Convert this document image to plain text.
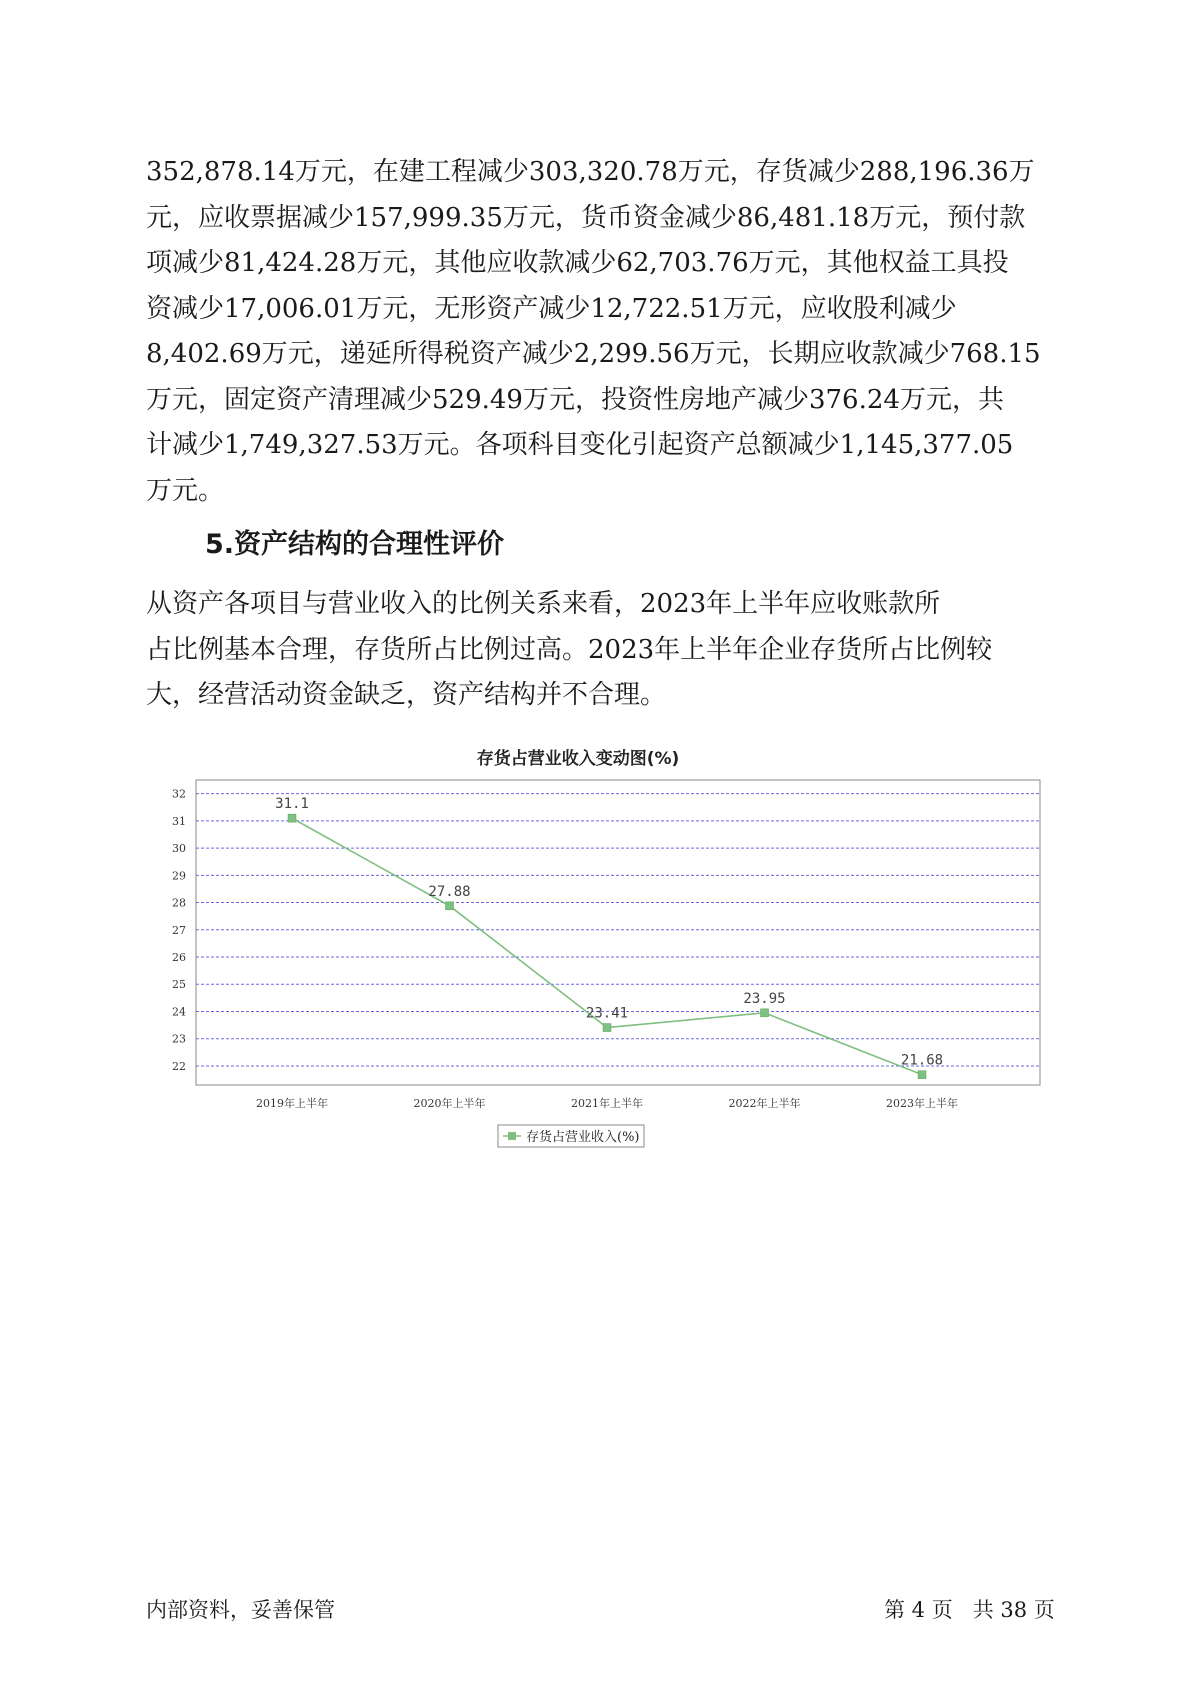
352,878.14万元，在建工程减少303,320.78万元，存货减少288,196.36万
元，应收票据减少157,999.35万元，货币资金减少86,481.18万元，预付款
项减少81,424.28万元，其他应收款减少62,703.76万元，其他权益工具投
资减少17,006.01万元，无形资产减少12,722.51万元，应收股利减少
8,402.69万元，递延所得税资产减少2,299.56万元，长期应收款减少768.15
万元，固定资产清理减少529.49万元，投资性房地产减少376.24万元，共
计减少1,749,327.53万元。各项科目变化引起资产总额减少1,145,377.05
万元。
5.资产结构的合理性评价
从资产各项目与营业收入的比例关系来看，2023年上半年应收账款所
占比例基本合理，存货所占比例过高。2023年上半年企业存货所占比例较
大，经营活动资金缺乏，资产结构并不合理。
存货占营业收入变动图(%)
22
23
24
25
26
27
28
29
30
31
32
2019年上半年	2020年上半年	2021年上半年	2022年上半年	2023年上半年
31.1
27.88
23.41
23.95
21.68
存货占营业收入(%)
内部资料，妥善保管	第 4 页   共 38 页
